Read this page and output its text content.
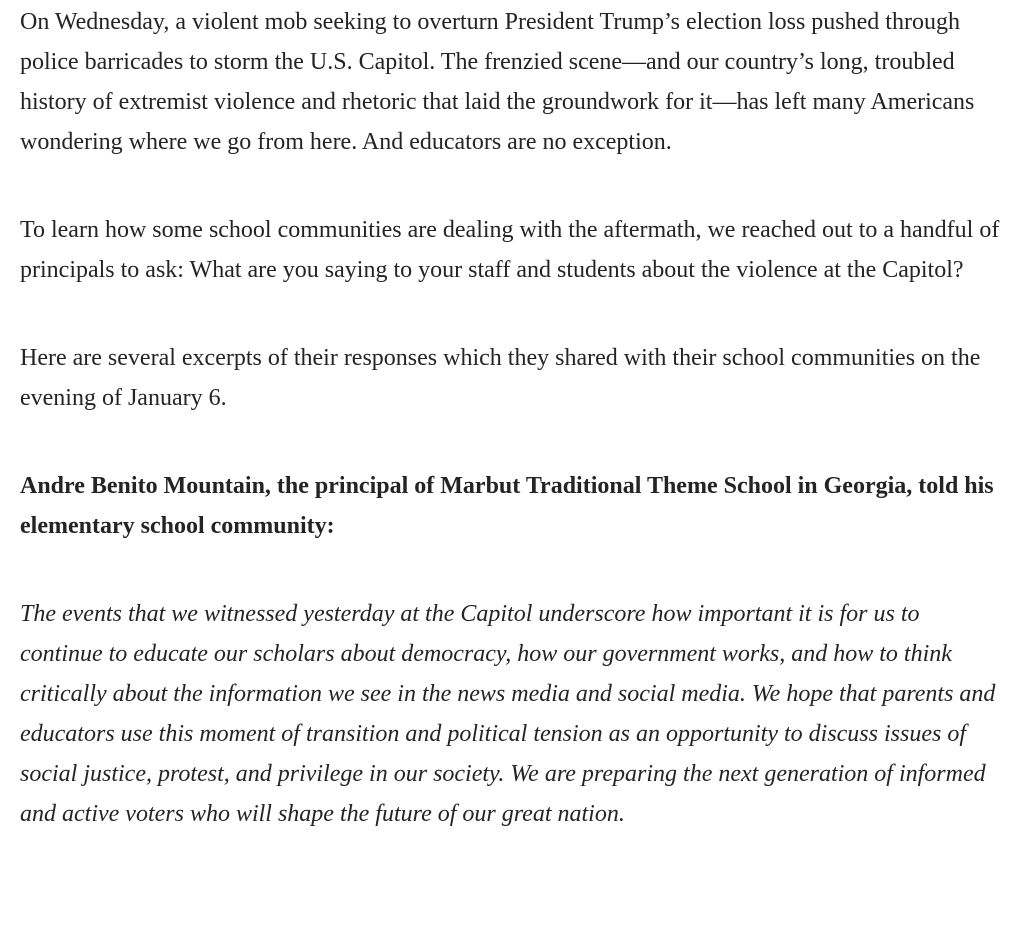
On Wednesday, a violent mob seeking to overturn President Trump’s election loss pushed through police barricades to storm the U.S. Capitol. The frenzied scene—and our country’s long, troubled history of extremist violence and rhetoric that laid the groundwork for it—has left many Americans wondering where we go from here. And educators are no exception.

To learn how some school communities are dealing with the aftermath, we reached out to a handful of principals to ask: What are you saying to your staff and students about the violence at the Capitol?

Here are several excerpts of their responses which they shared with their school communities on the evening of January 6.

Andre Benito Mountain, the principal of Marbut Traditional Theme School in Georgia, told his elementary school community:

The events that we witnessed yesterday at the Capitol underscore how important it is for us to continue to educate our scholars about democracy, how our government works, and how to think critically about the information we see in the news media and social media. We hope that parents and educators use this moment of transition and political tension as an opportunity to discuss issues of social justice, protest, and privilege in our society. We are preparing the next generation of informed and active voters who will shape the future of our great nation.
